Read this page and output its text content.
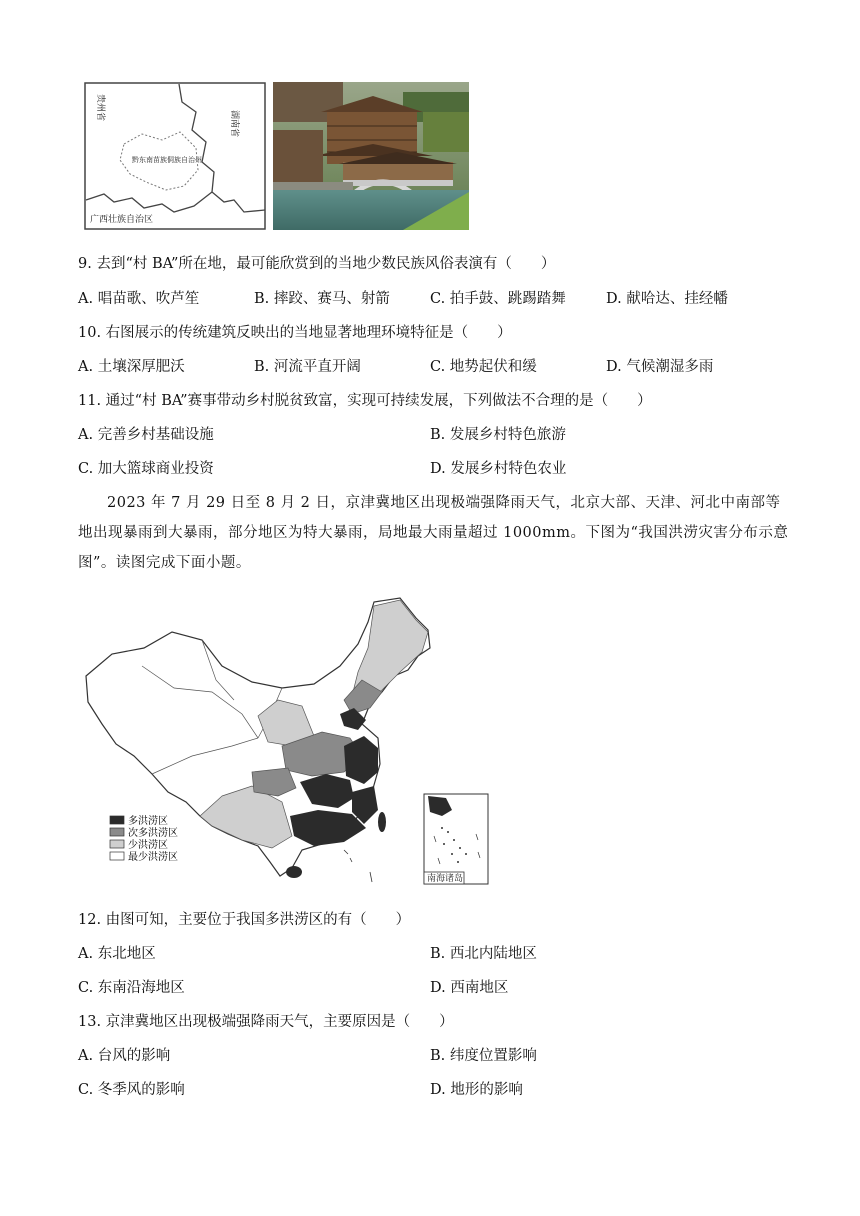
贵州省
湖南省
黔东南苗族侗族自治州
广西壮族自治区
9. 去到“村 BA”所在地，最可能欣赏到的当地少数民族风俗表演有（　　）
A. 唱苗歌、吹芦笙	B. 摔跤、赛马、射箭	C. 拍手鼓、跳踢踏舞	D. 献哈达、挂经幡
10. 右图展示的传统建筑反映出的当地显著地理环境特征是（　　）
A. 土壤深厚肥沃	B. 河流平直开阔	C. 地势起伏和缓	D. 气候潮湿多雨
11. 通过“村 BA”赛事带动乡村脱贫致富，实现可持续发展，下列做法不合理的是（　　）
A. 完善乡村基础设施	B. 发展乡村特色旅游
C. 加大篮球商业投资	D. 发展乡村特色农业
2023 年 7 月 29 日至 8 月 2 日，京津冀地区出现极端强降雨天气，北京大部、天津、河北中南部等地出现暴雨到大暴雨，部分地区为特大暴雨，局地最大雨量超过 1000mm。下图为“我国洪涝灾害分布示意图”。读图完成下面小题。
南海诸岛
多洪涝区
次多洪涝区
少洪涝区
最少洪涝区
12. 由图可知，主要位于我国多洪涝区的有（　　）
A. 东北地区	B. 西北内陆地区
C. 东南沿海地区	D. 西南地区
13. 京津冀地区出现极端强降雨天气，主要原因是（　　）
A. 台风的影响	B. 纬度位置影响
C. 冬季风的影响	D. 地形的影响
